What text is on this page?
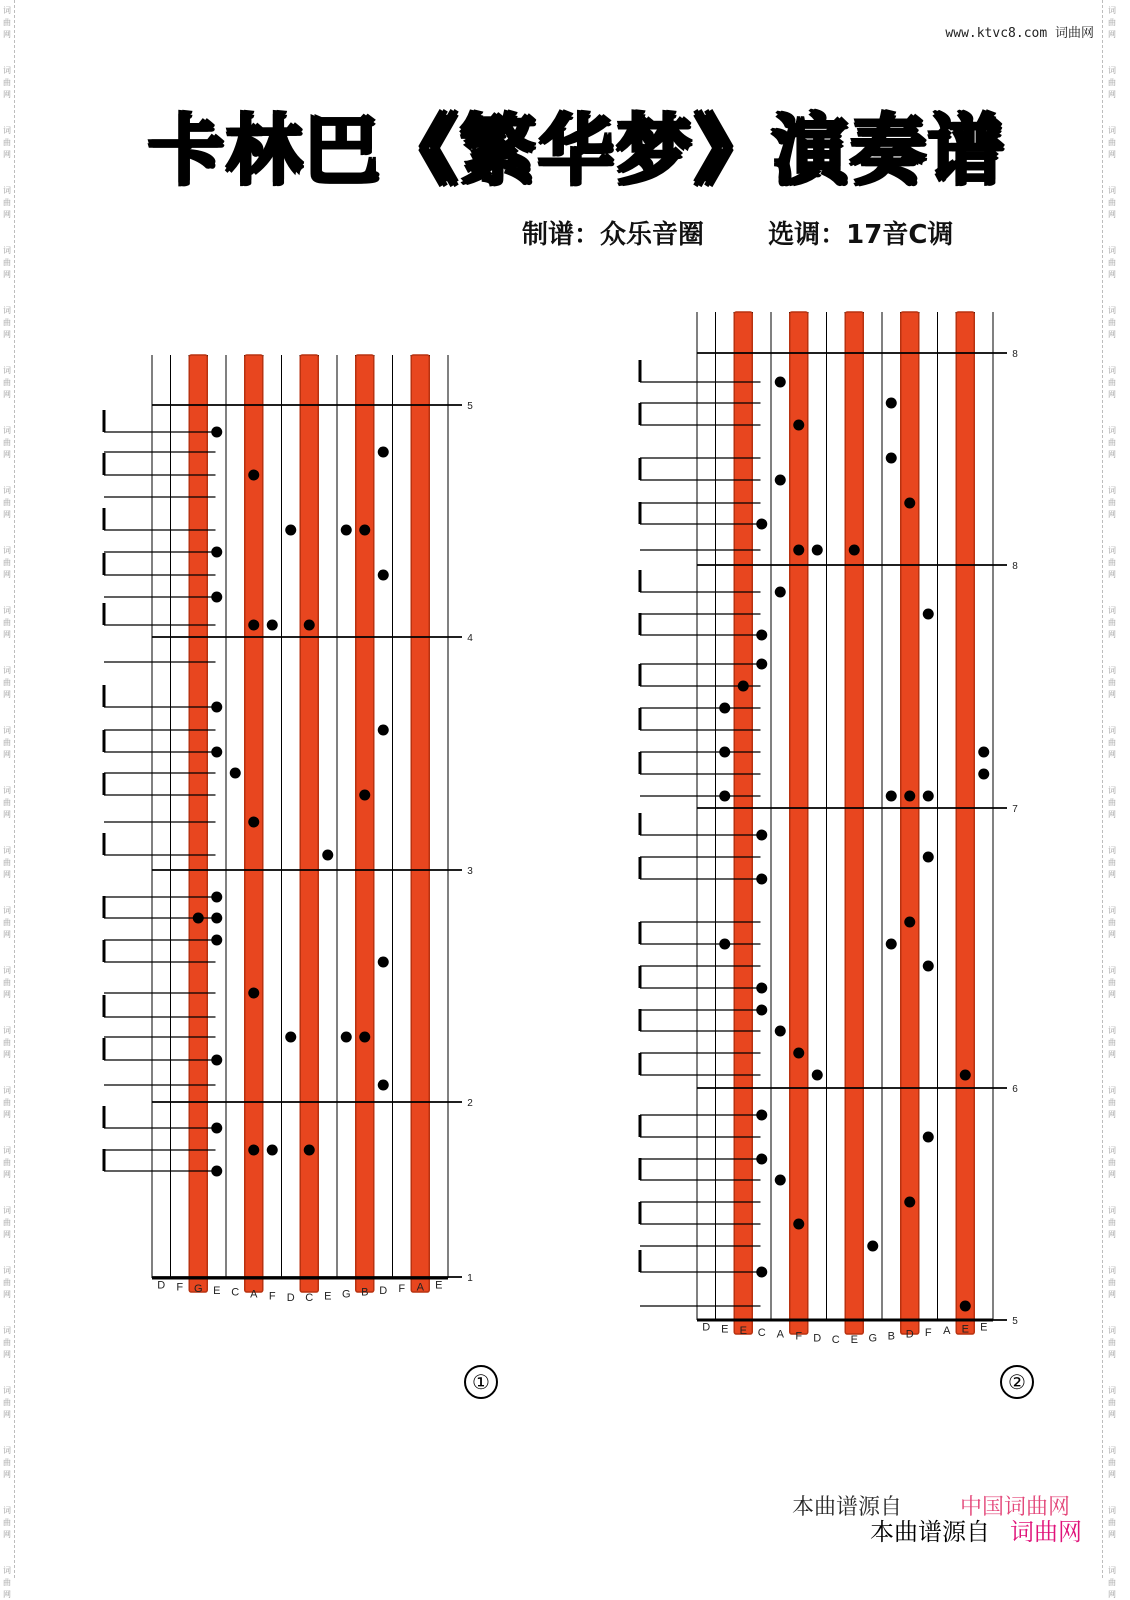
www.ktvc8.com 词曲网
卡林巴《繁华梦》演奏谱
制谱：众乐音圈 选调：17音C调
5
4
3
2
1
D F G E C A F D C E G B D F A E
8
8
7
6
5
D E E C A F D C E G B D F A E E
①	②
本曲谱源自	中国词曲网
本曲谱源自 词曲网
词
曲
网
词
曲
网
词
曲
网
词
曲
网
词
曲
网
词
曲
网
词
曲
网
词
曲
网
词
曲
网
词
曲
网
词
曲
网
词
曲
网
词
曲
网
词
曲
网
词
曲
网
词
曲
网
词
曲
网
词
曲
网
词
曲
网
词
曲
网
词
曲
网
词
曲
网
词
曲
网
词
曲
网
词
曲
网
词
曲
网
词
曲
网
词
曲
网
词
曲
网
词
曲
网
词
曲
网
词
曲
网
词
曲
网
词
曲
网
词
曲
网
词
曲
网
词
曲
网
词
曲
网
词
曲
网
词
曲
网
词
曲
网
词
曲
网
词
曲
网
词
曲
网
词
曲
网
词
曲
网
词
曲
网
词
曲
网
词
曲
网
词
曲
网
词
曲
网
词
曲
网
词
曲
网
词
曲
网
